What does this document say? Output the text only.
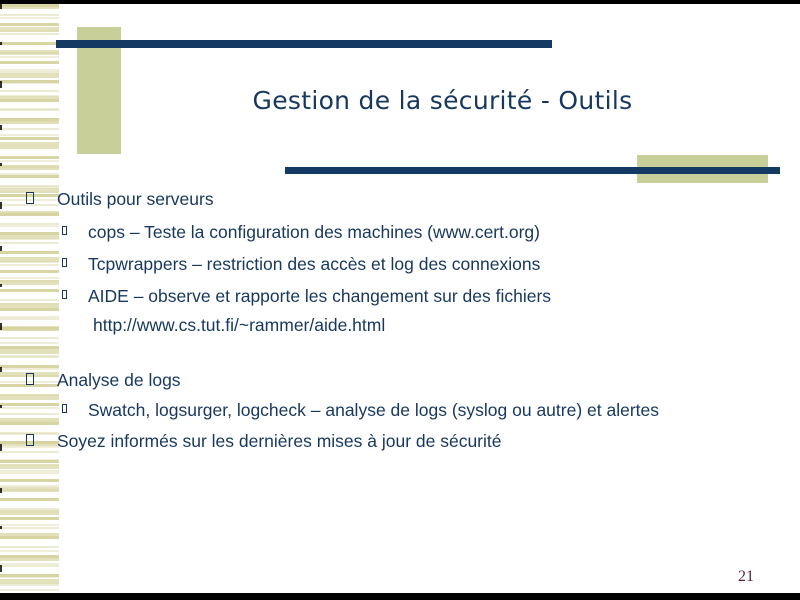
Gestion de la sécurité - Outils
Outils pour serveurs
cops – Teste la configuration des machines (www.cert.org)
Tcpwrappers – restriction des accès et log des connexions
AIDE – observe et rapporte les changement sur des fichiers
http://www.cs.tut.fi/~rammer/aide.html
Analyse de logs
Swatch, logsurger, logcheck – analyse de logs (syslog ou autre) et alertes
Soyez informés sur les dernières mises à jour de sécurité
21
